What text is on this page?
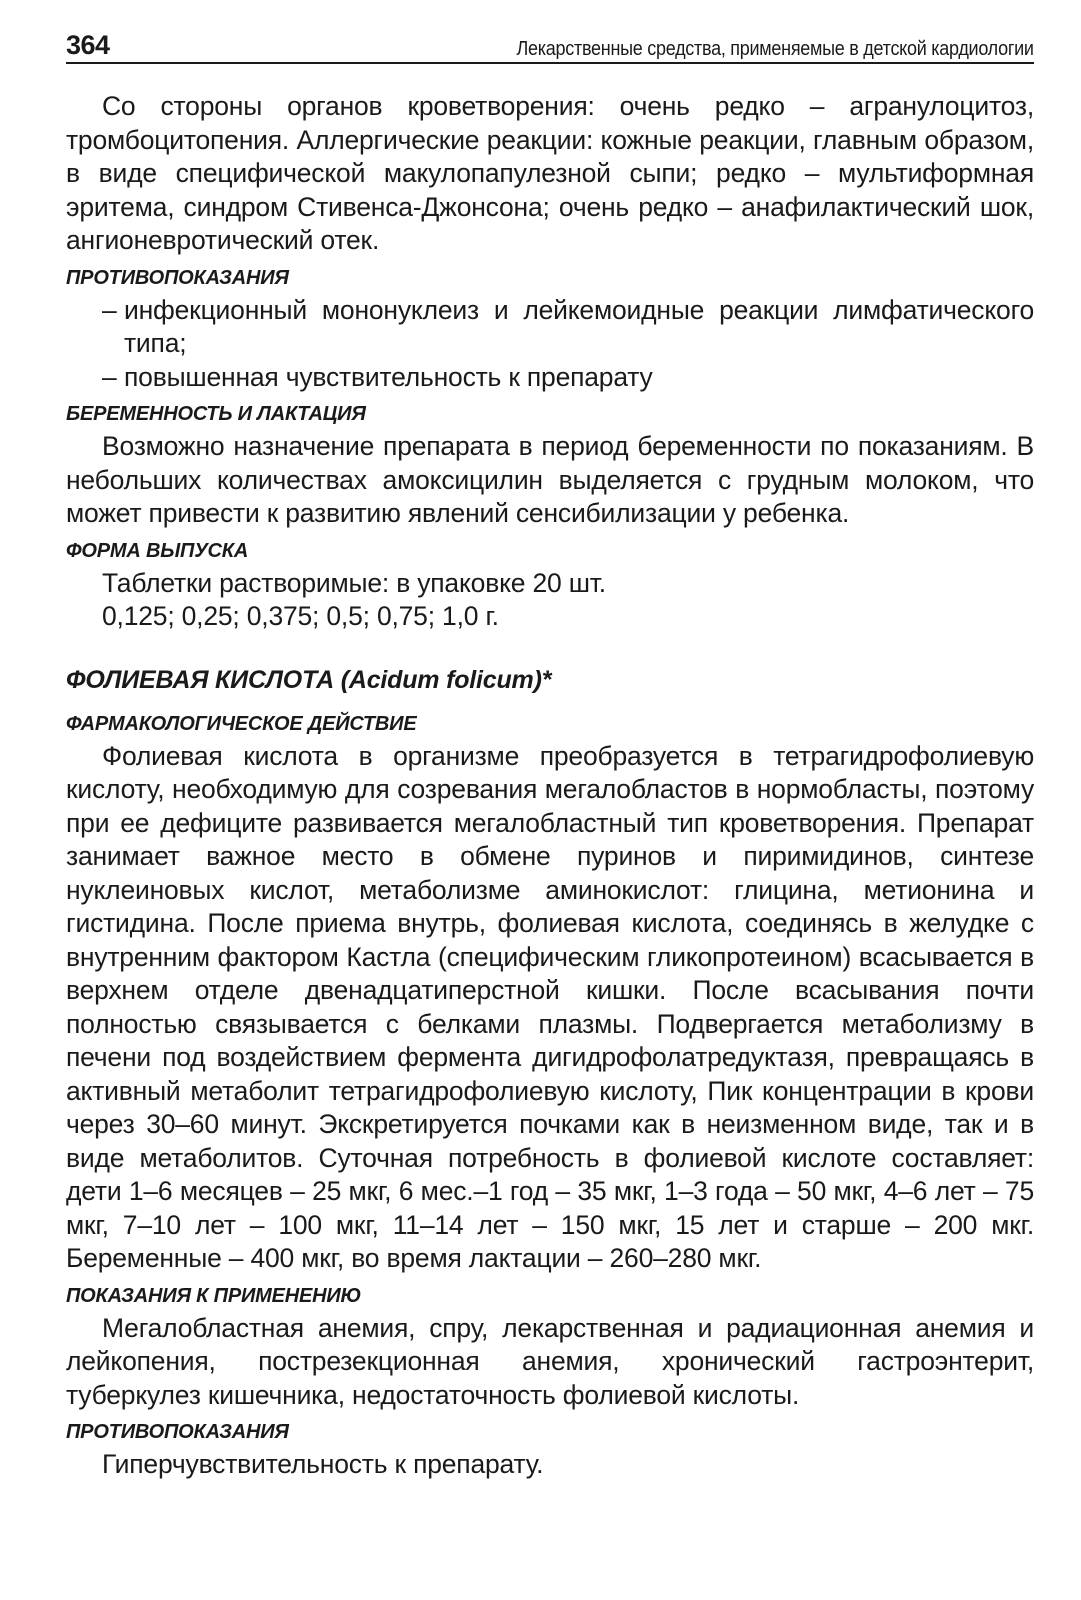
364	Лекарственные средства, применяемые в детской кардиологии

Со стороны органов кроветворения: очень редко – агранулоцитоз, тромбоцитопения. Аллергические реакции: кожные реакции, главным образом, в виде специфической макулопапулезной сыпи; редко – мультиформная эритема, синдром Стивенса-Джонсона; очень редко – анафилактический шок, ангионевротический отек.

ПРОТИВОПОКАЗАНИЯ
– инфекционный мононуклеиз и лейкемоидные реакции лимфатического типа;
– повышенная чувствительность к препарату
БЕРЕМЕННОСТЬ И ЛАКТАЦИЯ

Возможно назначение препарата в период беременности по показаниям. В небольших количествах амоксицилин выделяется с грудным молоком, что может привести к развитию явлений сенсибилизации у ребенка.

ФОРМА ВЫПУСКА

Таблетки растворимые: в упаковке 20 шт.

0,125; 0,25; 0,375; 0,5; 0,75; 1,0 г.

ФОЛИЕВАЯ КИСЛОТА (Acidum folicum)*
ФАРМАКОЛОГИЧЕСКОЕ ДЕЙСТВИЕ

Фолиевая кислота в организме преобразуется в тетрагидрофолиевую кислоту, необходимую для созревания мегалобластов в нормобласты, поэтому при ее дефиците развивается мегалобластный тип кроветворения. Препарат занимает важное место в обмене пуринов и пиримидинов, синтезе нуклеиновых кислот, метаболизме аминокислот: глицина, метионина и гистидина. После приема внутрь, фолиевая кислота, соединясь в желудке с внутренним фактором Кастла (специфическим гликопротеином) всасывается в верхнем отделе двенадцатиперстной кишки. После всасывания почти полностью связывается с белками плазмы. Подвергается метаболизму в печени под воздействием фермента дигидрофолатредуктазя, превращаясь в активный метаболит тетрагидрофолиевую кислоту, Пик концентрации в крови через 30–60 минут. Экскретируется почками как в неизменном виде, так и в виде метаболитов. Суточная потребность в фолиевой кислоте составляет: дети 1–6 месяцев – 25 мкг, 6 мес.–1 год – 35 мкг, 1–3 года – 50 мкг, 4–6 лет – 75 мкг, 7–10 лет – 100 мкг, 11–14 лет – 150 мкг, 15 лет и старше – 200 мкг. Беременные – 400 мкг, во время лактации – 260–280 мкг.

ПОКАЗАНИЯ К ПРИМЕНЕНИЮ

Мегалобластная анемия, спру, лекарственная и радиационная анемия и лейкопения, пострезекционная анемия, хронический гастроэнтерит, туберкулез кишечника, недостаточность фолиевой кислоты.

ПРОТИВОПОКАЗАНИЯ

Гиперчувствительность к препарату.
